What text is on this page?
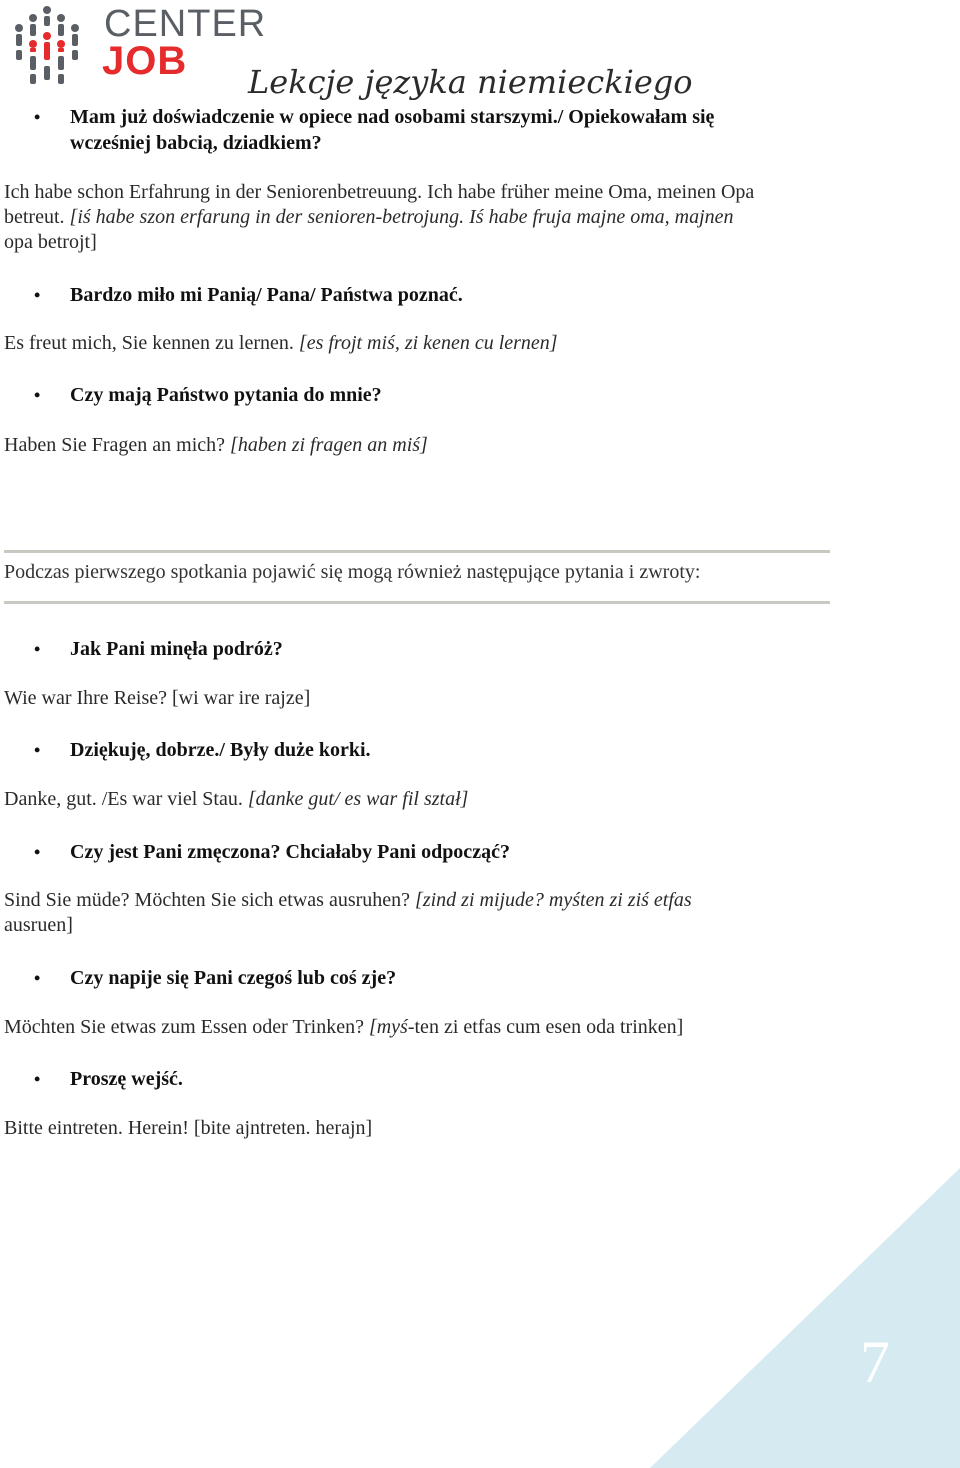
CENTER
JOB Lekcje języka niemieckiego
• Mam już doświadczenie w opiece nad osobami starszymi./ Opiekowałam się
wcześniej babcią, dziadkiem?
Ich habe schon Erfahrung in der Seniorenbetreuung. Ich habe früher meine Oma, meinen Opa
betreut. [iś habe szon erfarung in der senioren-betrojung. Iś habe fruja majne oma, majnen
opa betrojt]
• Bardzo miło mi Panią/ Pana/ Państwa poznać.
Es freut mich, Sie kennen zu lernen. [es frojt miś, zi kenen cu lernen]
• Czy mają Państwo pytania do mnie?
Haben Sie Fragen an mich? [haben zi fragen an miś]
Podczas pierwszego spotkania pojawić się mogą również następujące pytania i zwroty:
• Jak Pani minęła podróż?
Wie war Ihre Reise? [wi war ire rajze]
• Dziękuję, dobrze./ Były duże korki.
Danke, gut. /Es war viel Stau. [danke gut/ es war fil ształ]
• Czy jest Pani zmęczona? Chciałaby Pani odpocząć?
Sind Sie müde? Möchten Sie sich etwas ausruhen? [zind zi mijude? myśten zi ziś etfas
ausruen]
• Czy napije się Pani czegoś lub coś zje?
Möchten Sie etwas zum Essen oder Trinken? [myś-ten zi etfas cum esen oda trinken]
• Proszę wejść.
Bitte eintreten. Herein! [bite ajntreten. herajn]
7
